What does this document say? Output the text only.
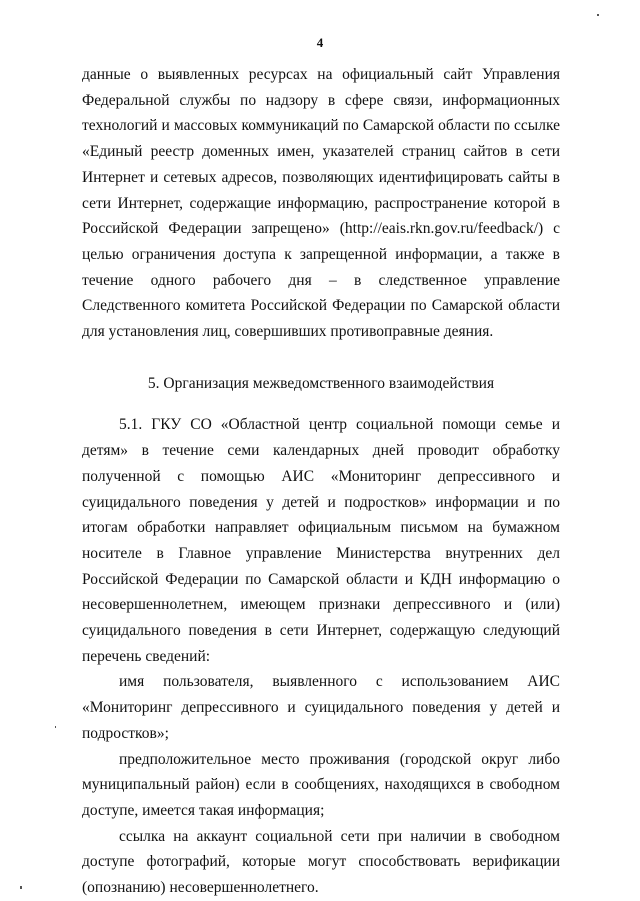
4

данные о выявленных ресурсах на официальный сайт Управления Федеральной службы по надзору в сфере связи, информационных технологий и массовых коммуникаций по Самарской области по ссылке «Единый реестр доменных имен, указателей страниц сайтов в сети Интернет и сетевых адресов, позволяющих идентифицировать сайты в сети Интернет, содержащие информацию, распространение которой в Российской Федерации запрещено» (http://eais.rkn.gov.ru/feedback/) с целью ограничения доступа к запрещенной информации, а также в течение одного рабочего дня – в следственное управление Следственного комитета Российской Федерации по Самарской области для установления лиц, совершивших противоправные деяния.

5. Организация межведомственного взаимодействия

5.1. ГКУ СО «Областной центр социальной помощи семье и детям» в течение семи календарных дней проводит обработку полученной с помощью АИС «Мониторинг депрессивного и суицидального поведения у детей и подростков» информации и по итогам обработки направляет официальным письмом на бумажном носителе в Главное управление Министерства внутренних дел Российской Федерации по Самарской области и КДН информацию о несовершеннолетнем, имеющем признаки депрессивного и (или) суицидального поведения в сети Интернет, содержащую следующий перечень сведений:

имя пользователя, выявленного с использованием АИС «Мониторинг депрессивного и суицидального поведения у детей и подростков»;

предположительное место проживания (городской округ либо муниципальный район) если в сообщениях, находящихся в свободном доступе, имеется такая информация;

ссылка на аккаунт социальной сети при наличии в свободном доступе фотографий, которые могут способствовать верификации (опознанию) несовершеннолетнего.
